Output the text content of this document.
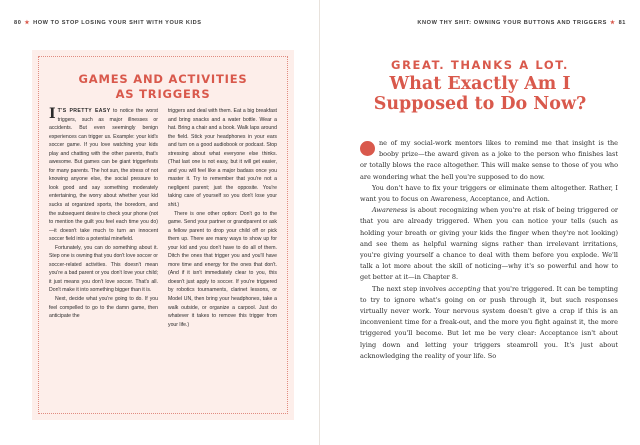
80 ★ HOW TO STOP LOSING YOUR SHIT WITH YOUR KIDS
GAMES AND ACTIVITIES
AS TRIGGERS

I T'S PRETTY EASY to notice the worst triggers, such as major illnesses or accidents. But even seemingly benign experiences can trigger us. Example: your kid's soccer game. If you love watching your kids play and chatting with the other parents, that's awesome. But games can be giant triggerfests for many parents. The hot sun, the stress of not knowing anyone else, the social pressure to look good and say something moderately entertaining, the worry about whether your kid sucks at organized sports, the boredom, and the subsequent desire to check your phone (not to mention the guilt you feel each time you do)—it doesn't take much to turn an innocent soccer field into a potential minefield.

Fortunately, you can do something about it. Step one is owning that you don't love soccer or soccer-related activities. This doesn't mean you're a bad parent or you don't love your child; it just means you don't love soccer. That's all. Don't make it into something bigger than it is.

Next, decide what you're going to do. If you feel compelled to go to the damn game, then anticipate the

triggers and deal with them. Eat a big breakfast and bring snacks and a water bottle. Wear a hat. Bring a chair and a book. Walk laps around the field. Stick your headphones in your ears and turn on a good audiobook or podcast. Stop stressing about what everyone else thinks. (That last one is not easy, but it will get easier, and you will feel like a major badass once you master it. Try to remember that you're not a negligent parent; just the opposite. You're taking care of yourself so you don't lose your shit.)

There is one other option: Don't go to the game. Send your partner or grandparent or ask a fellow parent to drop your child off or pick them up. There are many ways to show up for your kid and you don't have to do all of them. Ditch the ones that trigger you and you'll have more time and energy for the ones that don't. (And if it isn't immediately clear to you, this doesn't just apply to soccer. If you're triggered by robotics tournaments, clarinet lessons, or Model UN, then bring your headphones, take a walk outside, or organize a carpool. Just do whatever it takes to remove this trigger from your life.)

KNOW THY SHIT: OWNING YOUR BUTTONS AND TRIGGERS ★ 81
GREAT. THANKS A LOT.
What Exactly Am I
Supposed to Do Now?

ne of my social-work mentors likes to remind me that insight is the booby prize—the award given as a joke to the person who finishes last or totally blows the race altogether. This will make sense to those of you who are wondering what the hell you're supposed to do now.

You don't have to fix your triggers or eliminate them altogether. Rather, I want you to focus on Awareness, Acceptance, and Action.

Awareness is about recognizing when you're at risk of being triggered or that you are already triggered. When you can notice your tells (such as holding your breath or giving your kids the finger when they're not looking) and see them as helpful warning signs rather than irrelevant irritations, you're giving yourself a chance to deal with them before you explode. We'll talk a lot more about the skill of noticing—why it's so powerful and how to get better at it—in Chapter 8.

The next step involves accepting that you're triggered. It can be tempting to try to ignore what's going on or push through it, but such responses virtually never work. Your nervous system doesn't give a crap if this is an inconvenient time for a freak-out, and the more you fight against it, the more triggered you'll become. But let me be very clear: Acceptance isn't about lying down and letting your triggers steamroll you. It's just about acknowledging the reality of your life. So
